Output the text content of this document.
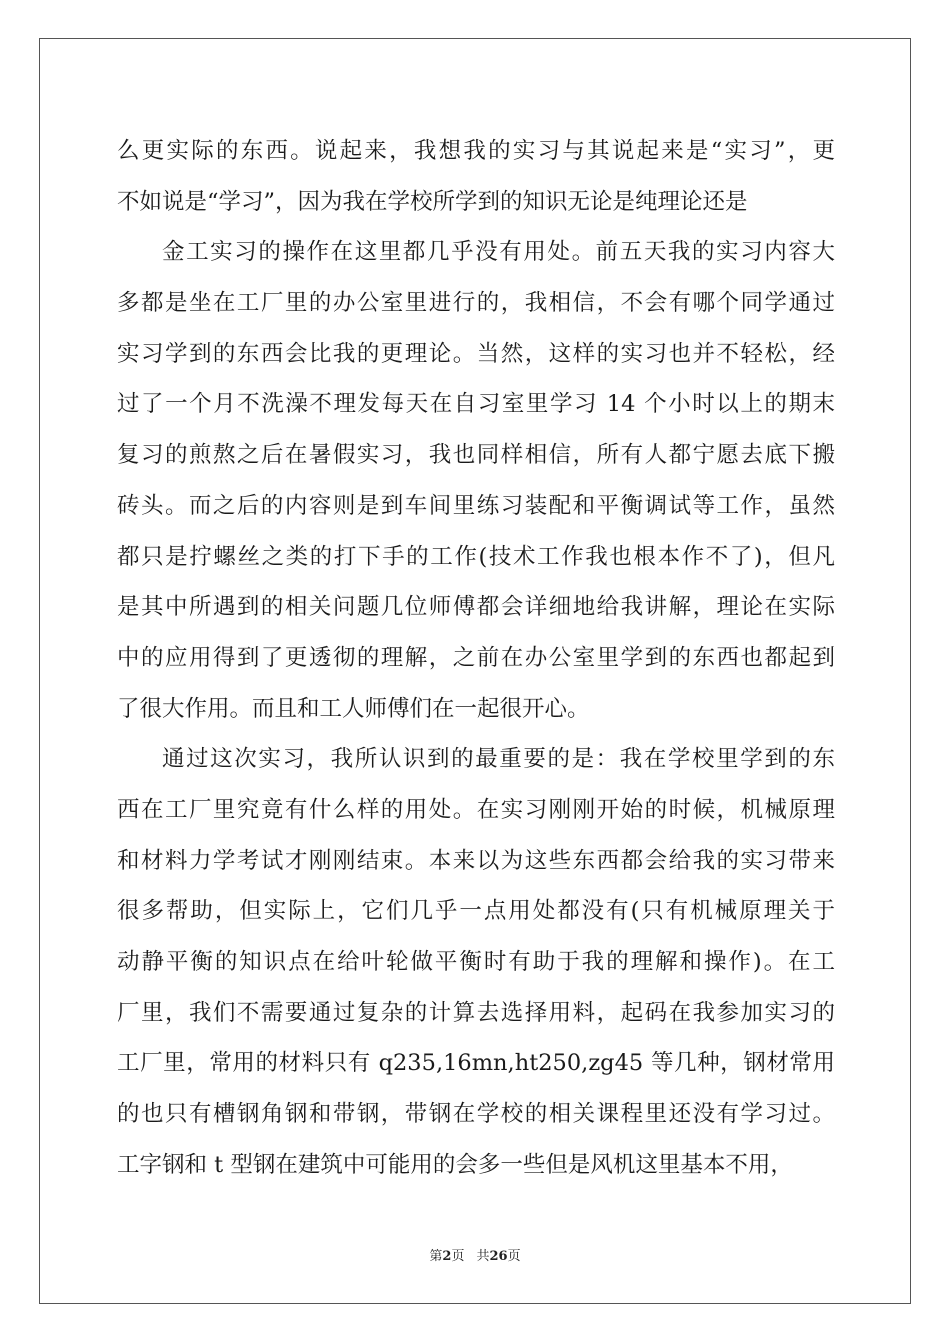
么更实际的东西。说起来，我想我的实习与其说起来是“实习”，更
不如说是“学习”，因为我在学校所学到的知识无论是纯理论还是
金工实习的操作在这里都几乎没有用处。前五天我的实习内容大
多都是坐在工厂里的办公室里进行的，我相信，不会有哪个同学通过
实习学到的东西会比我的更理论。当然，这样的实习也并不轻松，经
过了一个月不洗澡不理发每天在自习室里学习 14 个小时以上的期末
复习的煎熬之后在暑假实习，我也同样相信，所有人都宁愿去底下搬
砖头。而之后的内容则是到车间里练习装配和平衡调试等工作，虽然
都只是拧螺丝之类的打下手的工作(技术工作我也根本作不了)，但凡
是其中所遇到的相关问题几位师傅都会详细地给我讲解，理论在实际
中的应用得到了更透彻的理解，之前在办公室里学到的东西也都起到
了很大作用。而且和工人师傅们在一起很开心。
通过这次实习，我所认识到的最重要的是：我在学校里学到的东
西在工厂里究竟有什么样的用处。在实习刚刚开始的时候，机械原理
和材料力学考试才刚刚结束。本来以为这些东西都会给我的实习带来
很多帮助，但实际上，它们几乎一点用处都没有(只有机械原理关于
动静平衡的知识点在给叶轮做平衡时有助于我的理解和操作)。在工
厂里，我们不需要通过复杂的计算去选择用料，起码在我参加实习的
工厂里，常用的材料只有 q235,16mn,ht250,zg45 等几种，钢材常用
的也只有槽钢角钢和带钢，带钢在学校的相关课程里还没有学习过。
工字钢和 t 型钢在建筑中可能用的会多一些但是风机这里基本不用，
第2页 共26页
